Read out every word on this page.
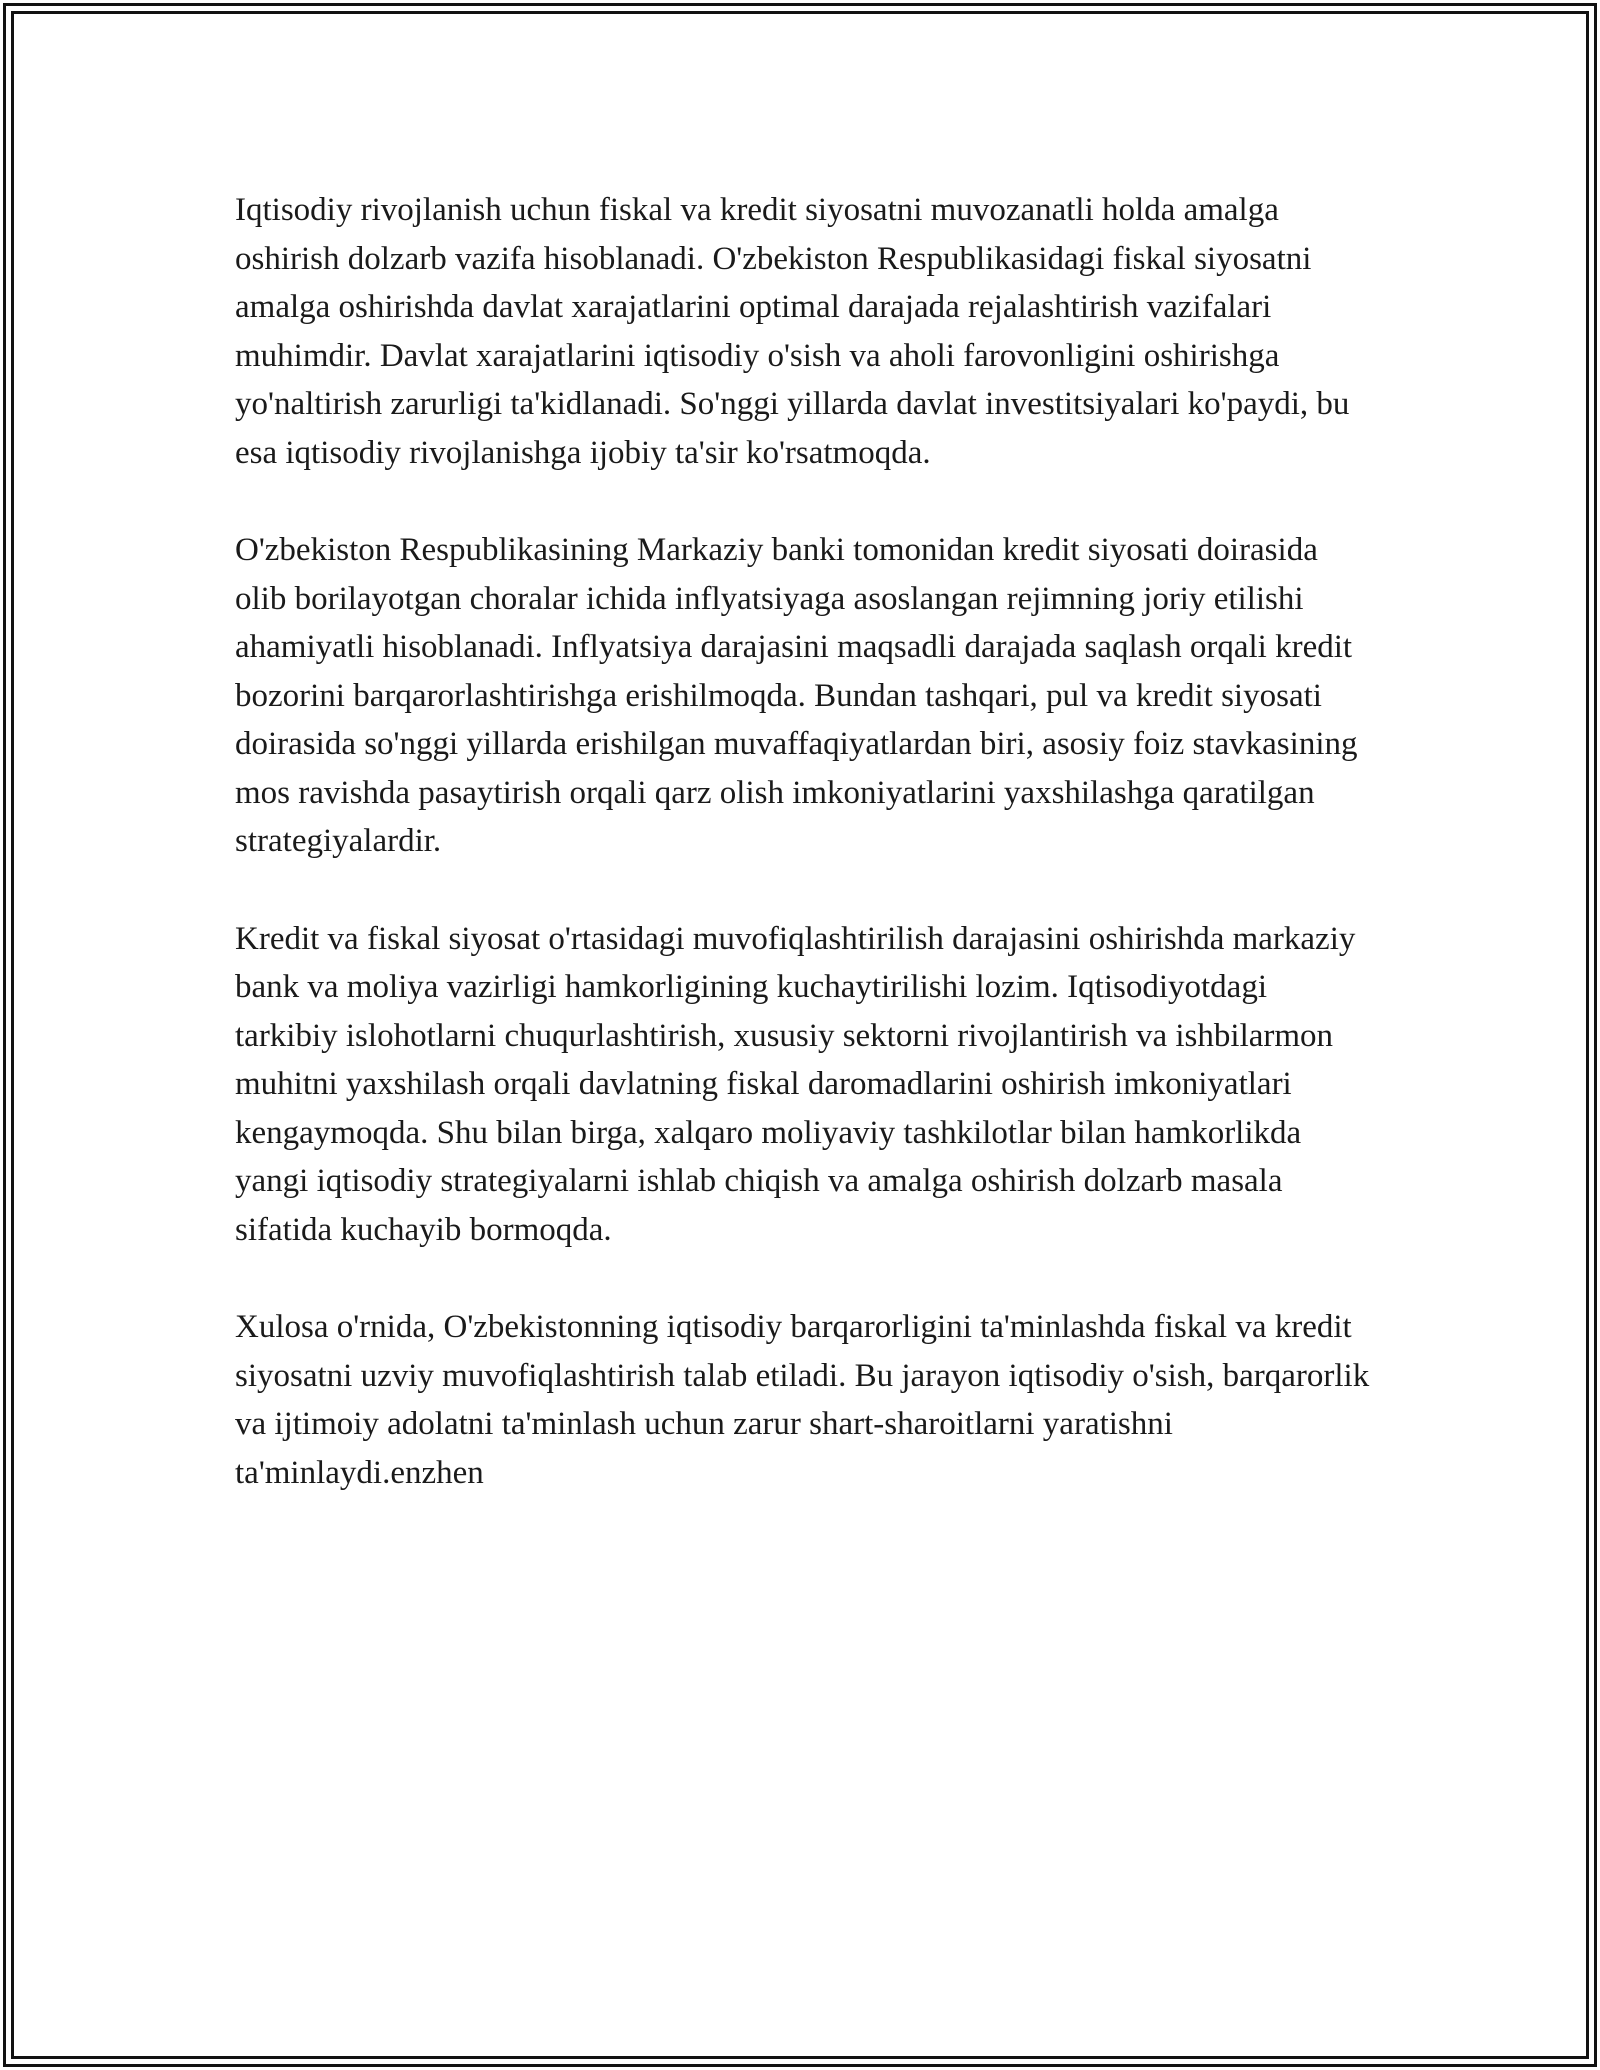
Iqtisodiy rivojlanish uchun fiskal va kredit siyosatni muvozanatli holda amalga oshirish dolzarb vazifa hisoblanadi. O'zbekiston Respublikasidagi fiskal siyosatni amalga oshirishda davlat xarajatlarini optimal darajada rejalashtirish vazifalari muhimdir. Davlat xarajatlarini iqtisodiy o'sish va aholi farovonligini oshirishga yo'naltirish zarurligi ta'kidlanadi. So'nggi yillarda davlat investitsiyalari ko'paydi, bu esa iqtisodiy rivojlanishga ijobiy ta'sir ko'rsatmoqda.

O'zbekiston Respublikasining Markaziy banki tomonidan kredit siyosati doirasida olib borilayotgan choralar ichida inflyatsiyaga asoslangan rejimning joriy etilishi ahamiyatli hisoblanadi. Inflyatsiya darajasini maqsadli darajada saqlash orqali kredit bozorini barqarorlashtirishga erishilmoqda. Bundan tashqari, pul va kredit siyosati doirasida so'nggi yillarda erishilgan muvaffaqiyatlardan biri, asosiy foiz stavkasining mos ravishda pasaytirish orqali qarz olish imkoniyatlarini yaxshilashga qaratilgan strategiyalardir.

Kredit va fiskal siyosat o'rtasidagi muvofiqlashtirilish darajasini oshirishda markaziy bank va moliya vazirligi hamkorligining kuchaytirilishi lozim. Iqtisodiyotdagi tarkibiy islohotlarni chuqurlashtirish, xususiy sektorni rivojlantirish va ishbilarmon muhitni yaxshilash orqali davlatning fiskal daromadlarini oshirish imkoniyatlari kengaymoqda. Shu bilan birga, xalqaro moliyaviy tashkilotlar bilan hamkorlikda yangi iqtisodiy strategiyalarni ishlab chiqish va amalga oshirish dolzarb masala sifatida kuchayib bormoqda.

Xulosa o'rnida, O'zbekistonning iqtisodiy barqarorligini ta'minlashda fiskal va kredit siyosatni uzviy muvofiqlashtirish talab etiladi. Bu jarayon iqtisodiy o'sish, barqarorlik va ijtimoiy adolatni ta'minlash uchun zarur shart-sharoitlarni yaratishni ta'minlaydi.enzhen
